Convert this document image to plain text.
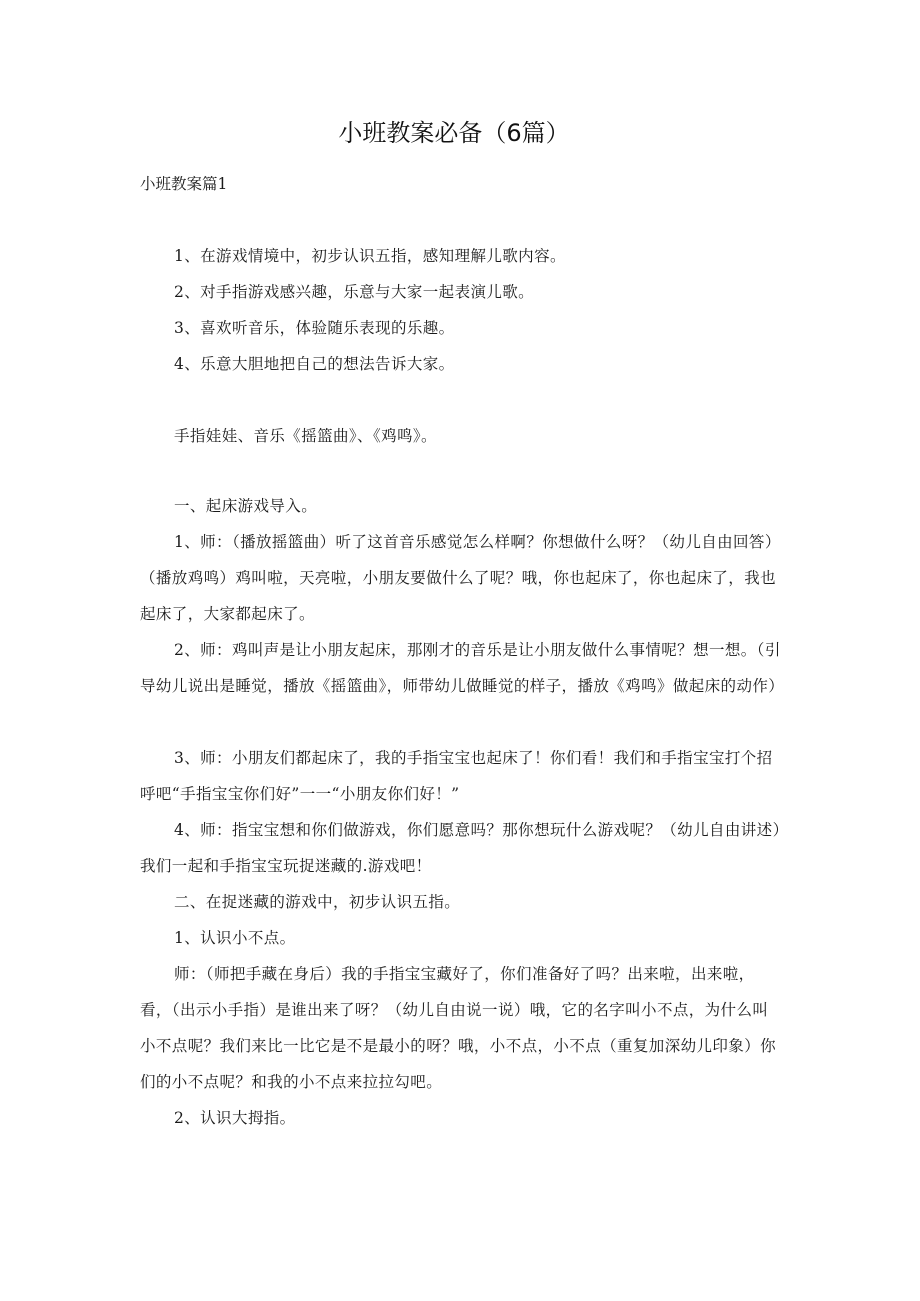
小班教案必备（6篇）

小班教案篇1

1、在游戏情境中，初步认识五指，感知理解儿歌内容。

2、对手指游戏感兴趣，乐意与大家一起表演儿歌。

3、喜欢听音乐，体验随乐表现的乐趣。

4、乐意大胆地把自己的想法告诉大家。

手指娃娃、音乐《摇篮曲》、《鸡鸣》。

一、起床游戏导入。

1、师：（播放摇篮曲）听了这首音乐感觉怎么样啊？你想做什么呀？（幼儿自由回答）（播放鸡鸣）鸡叫啦，天亮啦，小朋友要做什么了呢？哦，你也起床了，你也起床了，我也起床了，大家都起床了。

2、师：鸡叫声是让小朋友起床，那刚才的音乐是让小朋友做什么事情呢？想一想。（引导幼儿说出是睡觉，播放《摇篮曲》，师带幼儿做睡觉的样子，播放《鸡鸣》做起床的动作）

3、师：小朋友们都起床了，我的手指宝宝也起床了！你们看！我们和手指宝宝打个招呼吧“手指宝宝你们好”一一“小朋友你们好！”

4、师：指宝宝想和你们做游戏，你们愿意吗？那你想玩什么游戏呢？（幼儿自由讲述）我们一起和手指宝宝玩捉迷藏的.游戏吧！

二、在捉迷藏的游戏中，初步认识五指。

1、认识小不点。

师：（师把手藏在身后）我的手指宝宝藏好了，你们准备好了吗？出来啦，出来啦，看，（出示小手指）是谁出来了呀？（幼儿自由说一说）哦，它的名字叫小不点，为什么叫小不点呢？我们来比一比它是不是最小的呀？哦，小不点，小不点（重复加深幼儿印象）你们的小不点呢？和我的小不点来拉拉勾吧。

2、认识大拇指。
